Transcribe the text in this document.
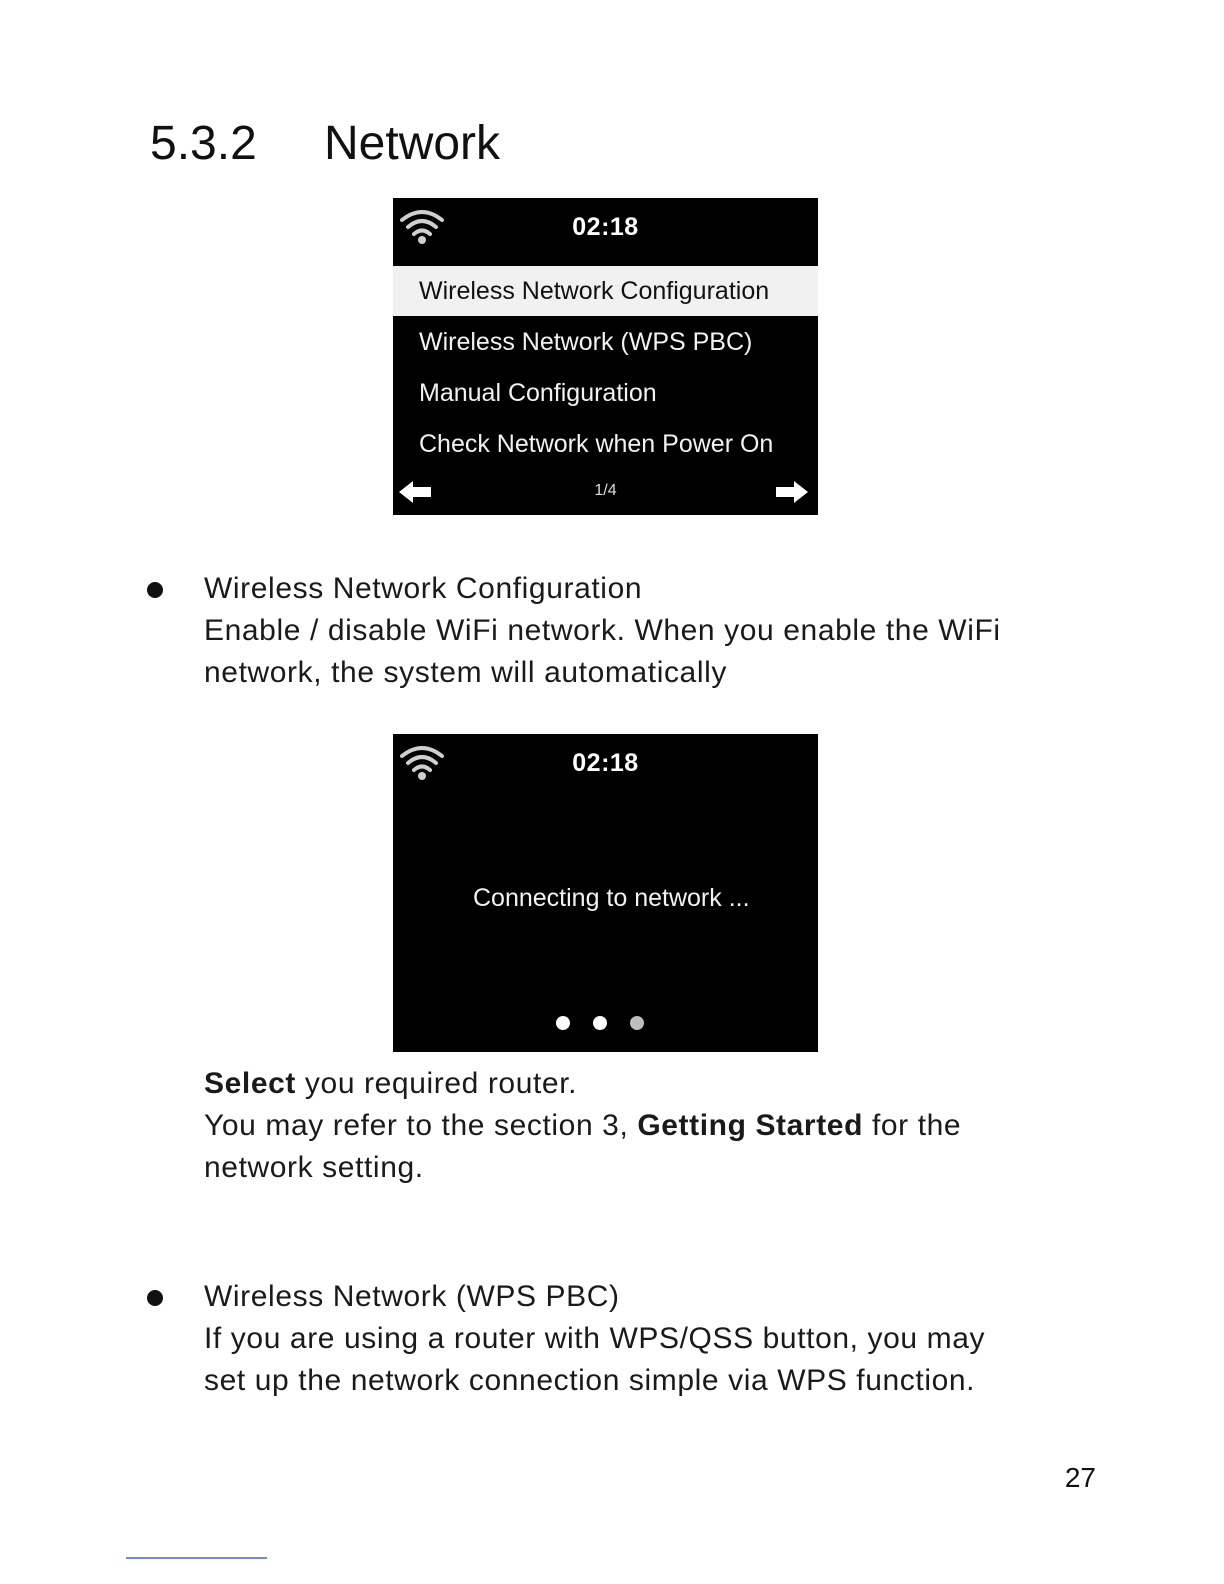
5.3.2 Network
02:18
Wireless Network Configuration
Wireless Network (WPS PBC)
Manual Configuration
Check Network when Power On
1/4
Wireless Network Configuration
Enable / disable WiFi network. When you enable the WiFi
network, the system will automatically
02:18
Connecting to network ...
Select you required router.
You may refer to the section 3, Getting Started for the
network setting.
Wireless Network (WPS PBC)
If you are using a router with WPS/QSS button, you may
set up the network connection simple via WPS function.
27
